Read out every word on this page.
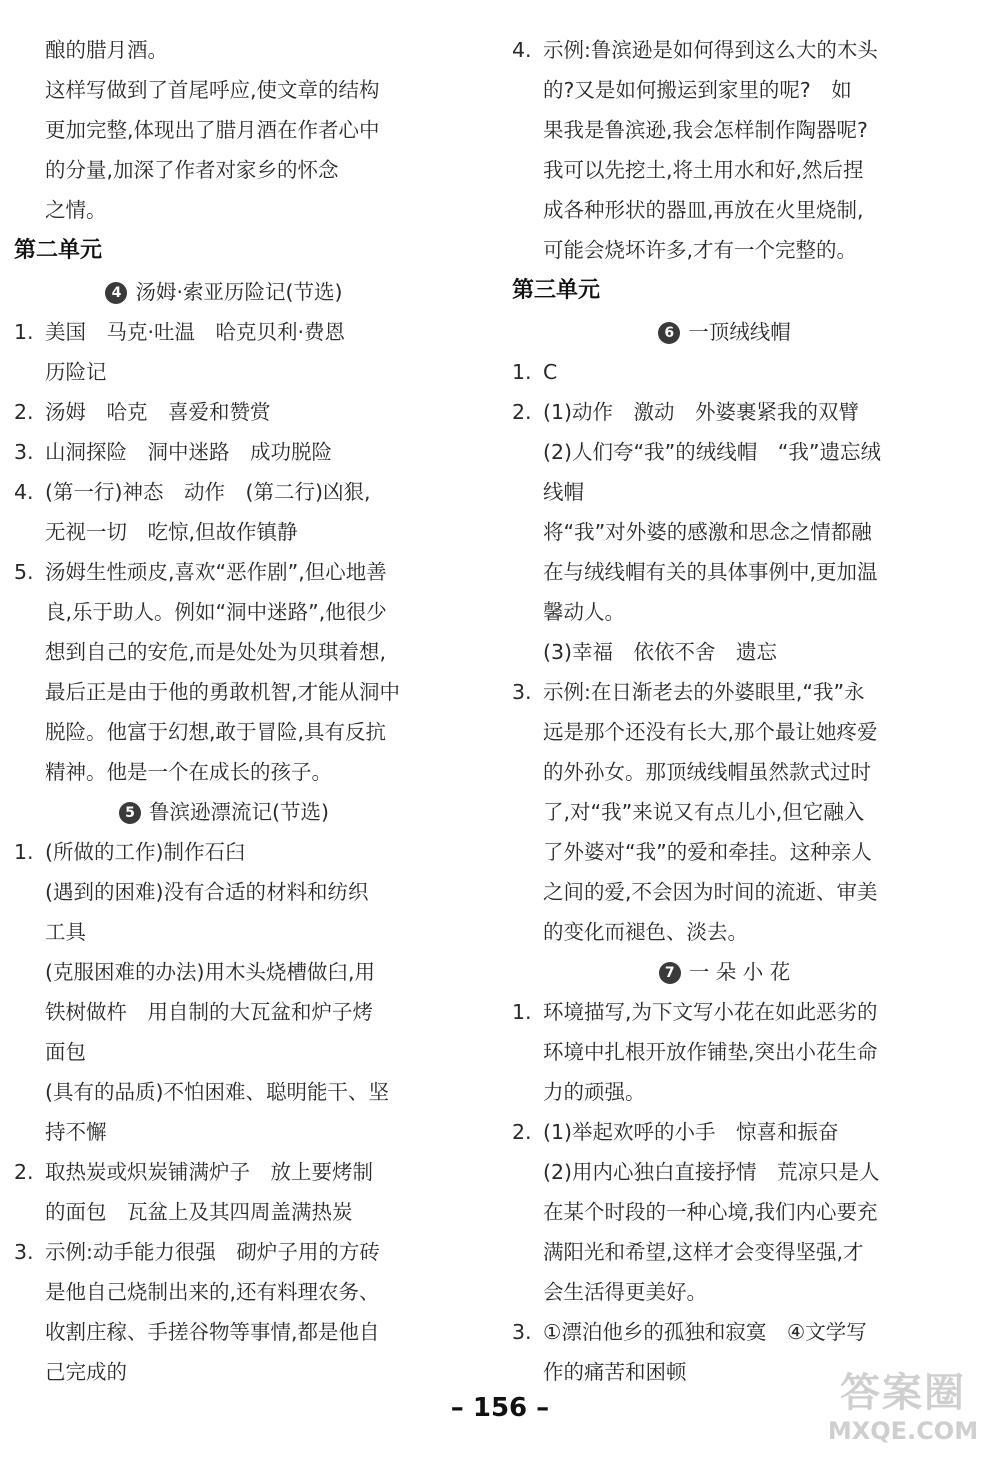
酿的腊月酒。
这样写做到了首尾呼应,使文章的结构
更加完整,体现出了腊月酒在作者心中
的分量,加深了作者对家乡的怀念
之情。
第二单元
4 汤姆·索亚历险记(节选)
1. 美国　马克·吐温　哈克贝利·费恩
历险记
2. 汤姆　哈克　喜爱和赞赏
3. 山洞探险　洞中迷路　成功脱险
4. (第一行)神态　动作　(第二行)凶狠,
无视一切　吃惊,但故作镇静
5. 汤姆生性顽皮,喜欢“恶作剧”,但心地善
良,乐于助人。例如“洞中迷路”,他很少
想到自己的安危,而是处处为贝琪着想,
最后正是由于他的勇敢机智,才能从洞中
脱险。他富于幻想,敢于冒险,具有反抗
精神。他是一个在成长的孩子。
5 鲁滨逊漂流记(节选)
1. (所做的工作)制作石臼
(遇到的困难)没有合适的材料和纺织
工具
(克服困难的办法)用木头烧槽做臼,用
铁树做杵　用自制的大瓦盆和炉子烤
面包
(具有的品质)不怕困难、聪明能干、坚
持不懈
2. 取热炭或炽炭铺满炉子　放上要烤制
的面包　瓦盆上及其四周盖满热炭
3. 示例:动手能力很强　砌炉子用的方砖
是他自己烧制出来的,还有料理农务、
收割庄稼、手搓谷物等事情,都是他自
己完成的
4. 示例:鲁滨逊是如何得到这么大的木头
的?又是如何搬运到家里的呢?　如
果我是鲁滨逊,我会怎样制作陶器呢?
我可以先挖土,将土用水和好,然后捏
成各种形状的器皿,再放在火里烧制,
可能会烧坏许多,才有一个完整的。
第三单元
6 一顶绒线帽
1. C
2. (1)动作　激动　外婆裹紧我的双臂
(2)人们夸“我”的绒线帽　“我”遗忘绒
线帽
将“我”对外婆的感激和思念之情都融
在与绒线帽有关的具体事例中,更加温
馨动人。
(3)幸福　依依不舍　遗忘
3. 示例:在日渐老去的外婆眼里,“我”永
远是那个还没有长大,那个最让她疼爱
的外孙女。那顶绒线帽虽然款式过时
了,对“我”来说又有点儿小,但它融入
了外婆对“我”的爱和牵挂。这种亲人
之间的爱,不会因为时间的流逝、审美
的变化而褪色、淡去。
7 一 朵 小 花
1. 环境描写,为下文写小花在如此恶劣的
环境中扎根开放作铺垫,突出小花生命
力的顽强。
2. (1)举起欢呼的小手　惊喜和振奋
(2)用内心独白直接抒情　荒凉只是人
在某个时段的一种心境,我们内心要充
满阳光和希望,这样才会变得坚强,才
会生活得更美好。
3. ①漂泊他乡的孤独和寂寞　④文学写
作的痛苦和困顿
– 156 –	答案圈
MXQE.COM
